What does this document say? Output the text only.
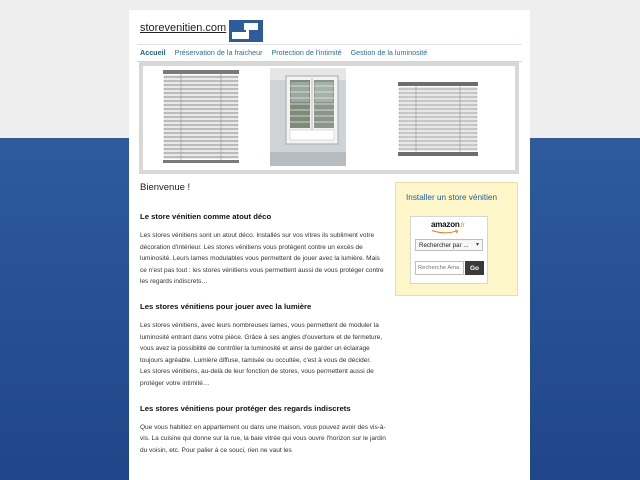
storevenitien.com
Accueil Préservation de la fraicheur Protection de l'intimité Gestion de la luminosité
Bienvenue !
Le store vénitien comme atout déco

Les stores vénitiens sont un atout déco. Installés sur vos vitres ils subliment votre décoration d'intérieur. Les stores vénitiens vous protègent contre un excès de luminosité. Leurs lames modulables vous permettent de jouer avec la lumière. Mais ce n'est pas tout : les stores vénitiens vous permettent aussi de vous protéger contre les regards indiscrets…

Les stores vénitiens pour jouer avec la lumière

Les stores vénitiens, avec leurs nombreuses lames, vous permettent de moduler la luminosité entrant dans votre pièce. Grâce à ses angles d'ouverture et de fermeture, vous avez la possibilité de contrôler la luminosité et ainsi de garder un éclairage toujours agréable. Lumière diffuse, tamisée ou occultée, c'est à vous de décider.

Les stores vénitiens, au-delà de leur fonction de stores, vous permettent aussi de protéger votre intimité…

Les stores vénitiens pour protéger des regards indiscrets

Que vous habitiez en appartement ou dans une maison, vous pouvez avoir des vis-à-vis. La cuisine qui donne sur la rue, la baie vitrée qui vous ouvre l'horizon sur le jardin du voisin, etc. Pour palier à ce souci, rien ne vaut les

Installer un store vénitien
amazon.fr
Rechercher par ... ▾
Recherche Ama...
Go
